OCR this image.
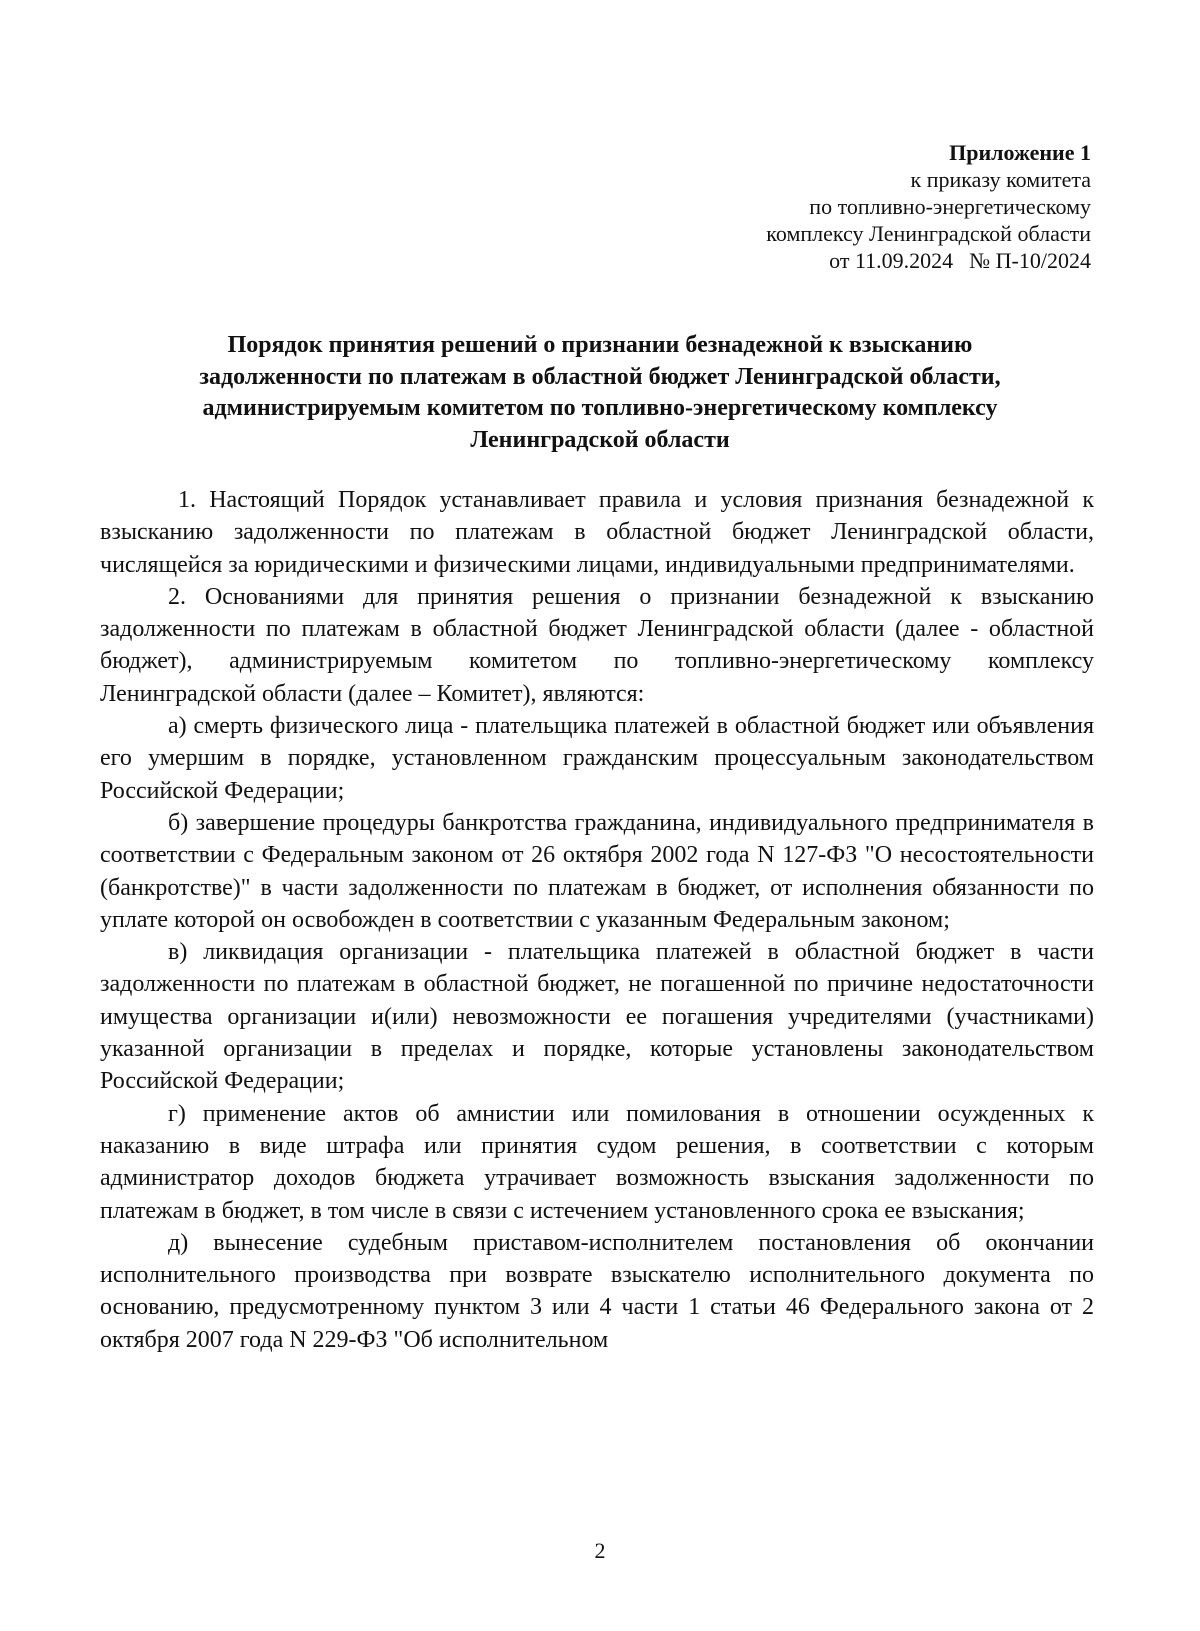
Приложение 1
к приказу комитета
по топливно-энергетическому
комплексу Ленинградской области
от 11.09.2024 № П-10/2024
Порядок принятия решений о признании безнадежной к взысканию
задолженности по платежам в областной бюджет Ленинградской области,
администрируемым комитетом по топливно-энергетическому комплексу
Ленинградской области

1. Настоящий Порядок устанавливает правила и условия признания безнадежной к взысканию задолженности по платежам в областной бюджет Ленинградской области, числящейся за юридическими и физическими лицами, индивидуальными предпринимателями.

2. Основаниями для принятия решения о признании безнадежной к взысканию задолженности по платежам в областной бюджет Ленинградской области (далее - областной бюджет), администрируемым комитетом по топливно-энергетическому комплексу Ленинградской области (далее – Комитет), являются:

а) смерть физического лица - плательщика платежей в областной бюджет или объявления его умершим в порядке, установленном гражданским процессуальным законодательством Российской Федерации;

б) завершение процедуры банкротства гражданина, индивидуального предпринимателя в соответствии с Федеральным законом от 26 октября 2002 года N 127-ФЗ "О несостоятельности (банкротстве)" в части задолженности по платежам в бюджет, от исполнения обязанности по уплате которой он освобожден в соответствии с указанным Федеральным законом;

в) ликвидация организации - плательщика платежей в областной бюджет в части задолженности по платежам в областной бюджет, не погашенной по причине недостаточности имущества организации и(или) невозможности ее погашения учредителями (участниками) указанной организации в пределах и порядке, которые установлены законодательством Российской Федерации;

г) применение актов об амнистии или помилования в отношении осужденных к наказанию в виде штрафа или принятия судом решения, в соответствии с которым администратор доходов бюджета утрачивает возможность взыскания задолженности по платежам в бюджет, в том числе в связи с истечением установленного срока ее взыскания;

д) вынесение судебным приставом-исполнителем постановления об окончании исполнительного производства при возврате взыскателю исполнительного документа по основанию, предусмотренному пунктом 3 или 4 части 1 статьи 46 Федерального закона от 2 октября 2007 года N 229-ФЗ "Об исполнительном

2
